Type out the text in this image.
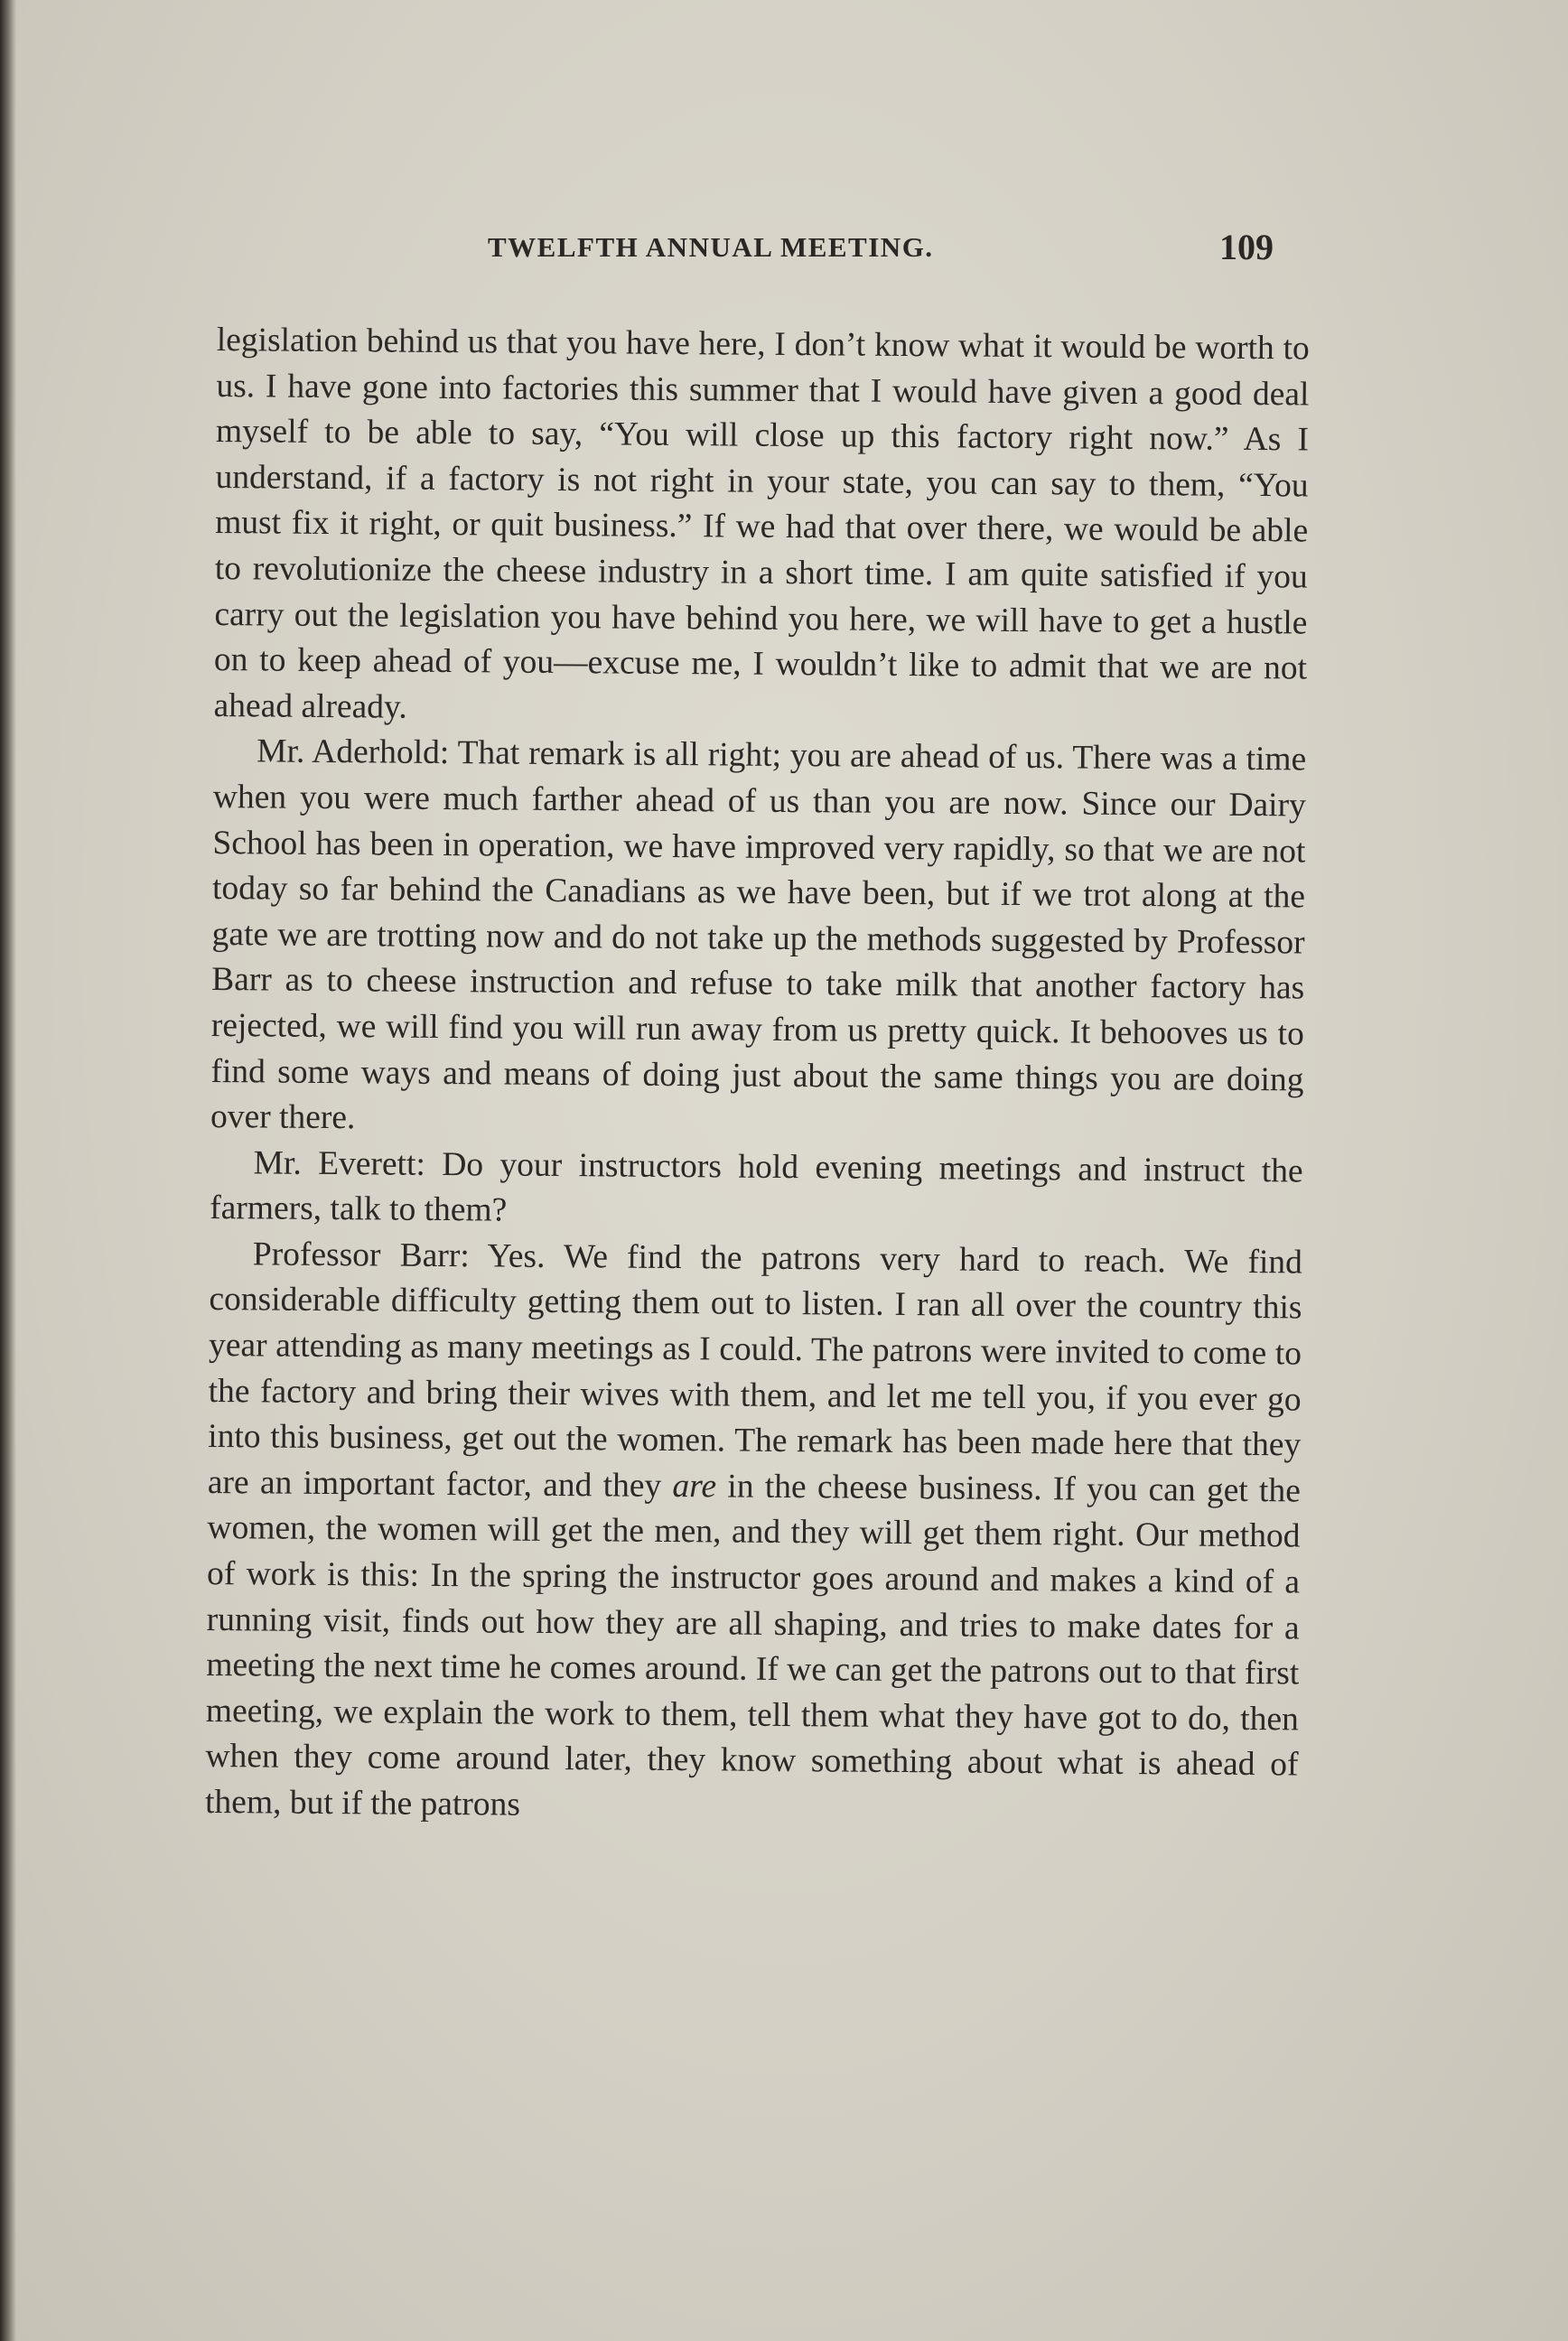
TWELFTH ANNUAL MEETING.	109

legislation behind us that you have here, I don’t know what it would be worth to us. I have gone into factories this summer that I would have given a good deal myself to be able to say, “You will close up this factory right now.” As I understand, if a factory is not right in your state, you can say to them, “You must fix it right, or quit business.” If we had that over there, we would be able to revolutionize the cheese industry in a short time. I am quite satisfied if you carry out the legislation you have behind you here, we will have to get a hustle on to keep ahead of you—excuse me, I wouldn’t like to admit that we are not ahead already.

Mr. Aderhold: That remark is all right; you are ahead of us. There was a time when you were much farther ahead of us than you are now. Since our Dairy School has been in operation, we have improved very rapidly, so that we are not today so far behind the Canadians as we have been, but if we trot along at the gate we are trotting now and do not take up the methods suggested by Professor Barr as to cheese instruction and refuse to take milk that another factory has rejected, we will find you will run away from us pretty quick. It behooves us to find some ways and means of doing just about the same things you are doing over there.

Mr. Everett: Do your instructors hold evening meetings and instruct the farmers, talk to them?

Professor Barr: Yes. We find the patrons very hard to reach. We find considerable difficulty getting them out to listen. I ran all over the country this year attending as many meetings as I could. The patrons were invited to come to the factory and bring their wives with them, and let me tell you, if you ever go into this business, get out the women. The remark has been made here that they are an important factor, and they are in the cheese business. If you can get the women, the women will get the men, and they will get them right. Our method of work is this: In the spring the instructor goes around and makes a kind of a running visit, finds out how they are all shaping, and tries to make dates for a meeting the next time he comes around. If we can get the patrons out to that first meeting, we explain the work to them, tell them what they have got to do, then when they come around later, they know something about what is ahead of them, but if the patrons
